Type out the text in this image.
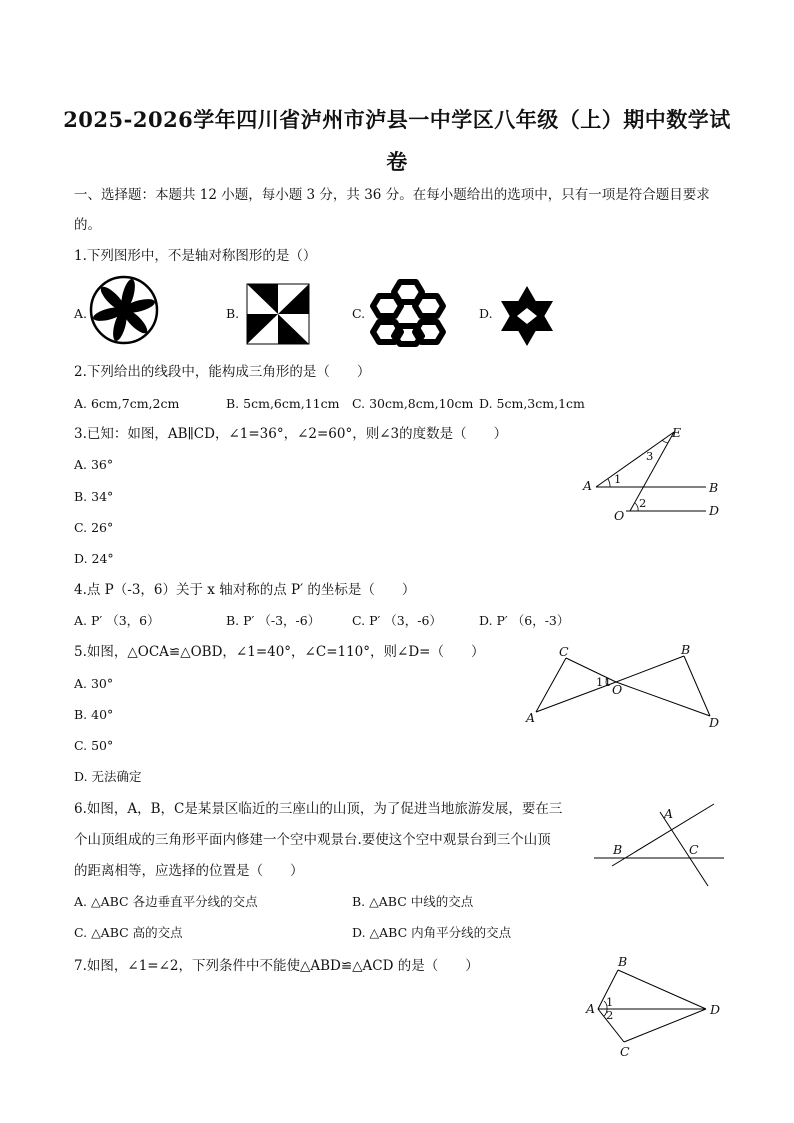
2025-2026学年四川省泸州市泸县一中学区八年级（上）期中数学试
卷
一、选择题：本题共 12 小题，每小题 3 分，共 36 分。在每小题给出的选项中，只有一项是符合题目要求
的。
1.下列图形中，不是轴对称图形的是（）
A.	B.	C.	D.
2.下列给出的线段中，能构成三角形的是（　　）
A. 6cm,7cm,2cm	B. 5cm,6cm,11cm C. 30cm,8cm,10cm D. 5cm,3cm,1cm
3.已知：如图，AB∥CD，∠1=36°，∠2=60°，则∠3的度数是（　　）
A. 36°
B. 34°
C. 26°
D. 24°
E
3
A 1
B
2
O	D
4.点 P（-3，6）关于 x 轴对称的点 P′ 的坐标是（　　）
A. P′ （3，6）	B. P′ （-3，-6）	C. P′ （3，-6）	D. P′ （6，-3）
5.如图，△OCA≌△OBD，∠1=40°，∠C=110°，则∠D=（　　）
A. 30°
B. 40°
C. 50°
D. 无法确定
C	B
1 1 O
A	D
6.如图，A，B，C是某景区临近的三座山的山顶，为了促进当地旅游发展，要在三
个山顶组成的三角形平面内修建一个空中观景台.要使这个空中观景台到三个山顶
的距离相等，应选择的位置是（　　）
A. △ABC 各边垂直平分线的交点	B. △ABC 中线的交点
C. △ABC 高的交点	D. △ABC 内角平分线的交点
A
B	C
7.如图，∠1=∠2，下列条件中不能使△ABD≌△ACD 的是（　　）	B
A 1
2	D
C
